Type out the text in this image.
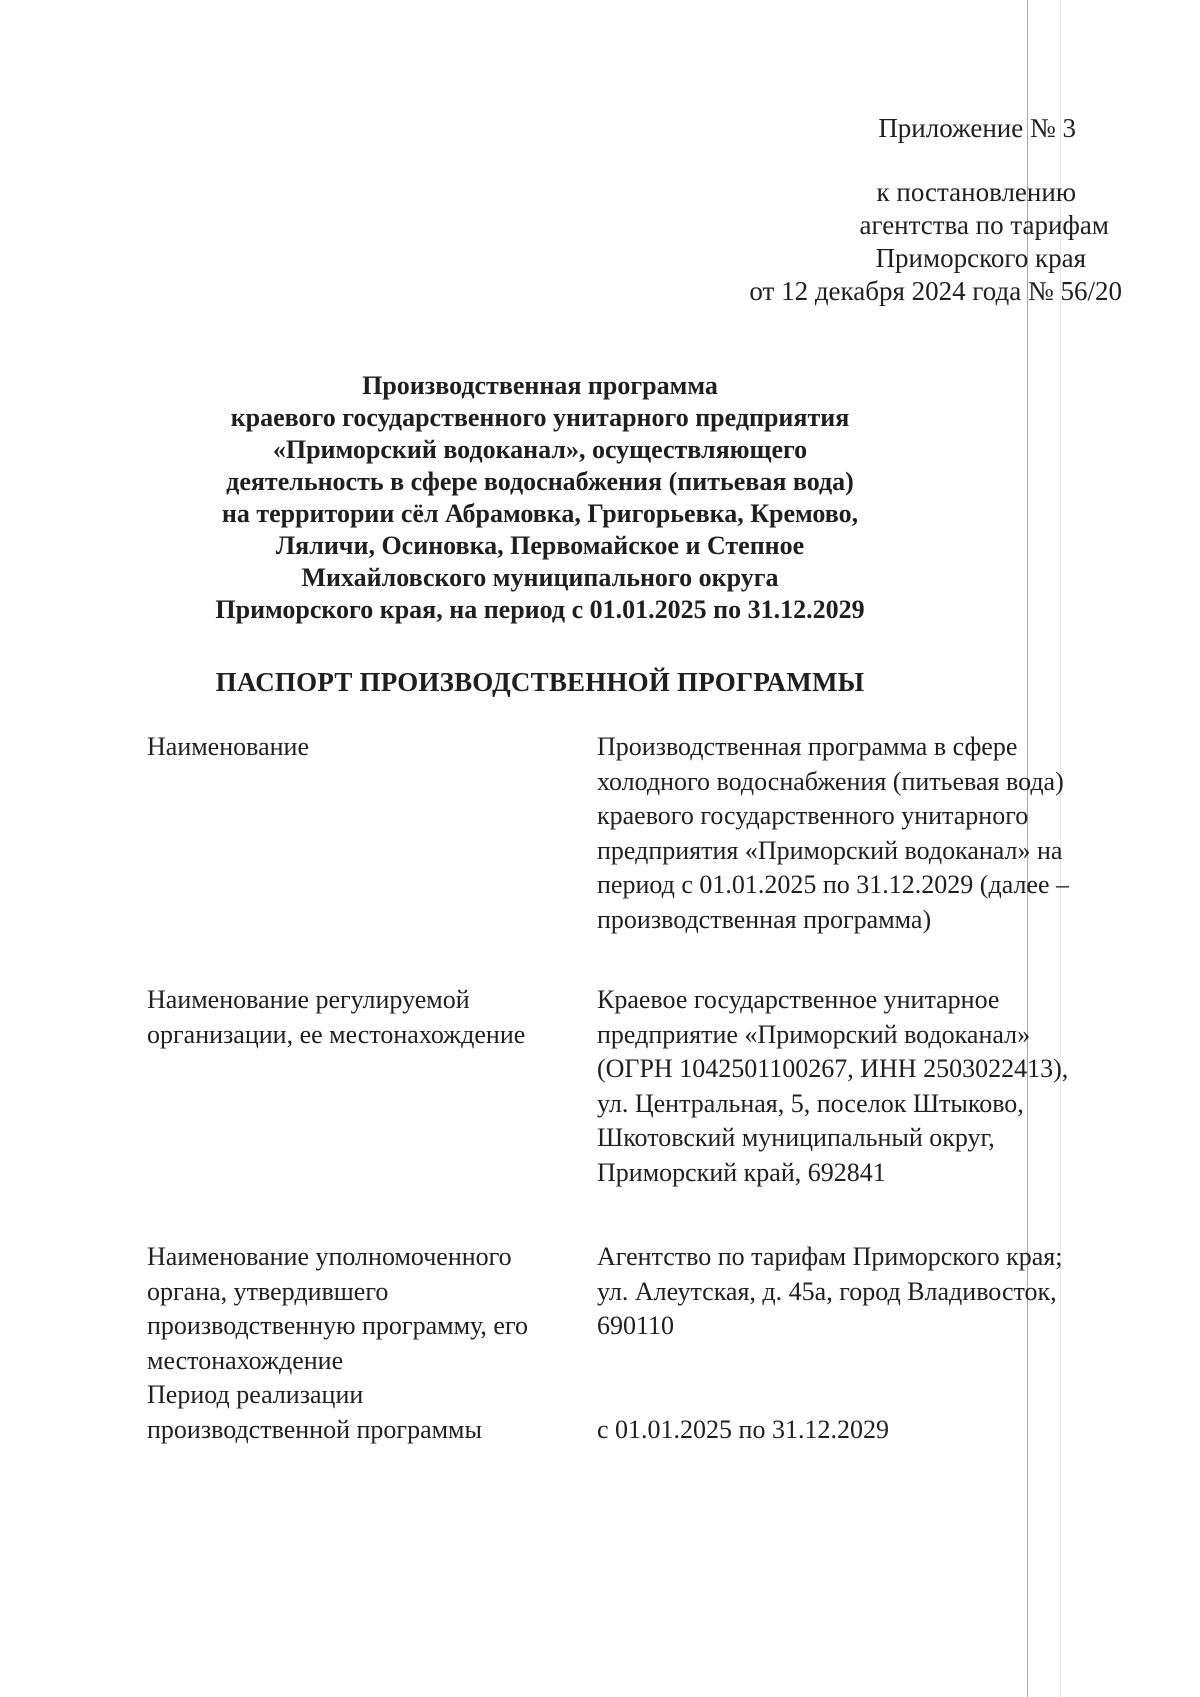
Приложение № 3
к постановлению
агентства по тарифам
Приморского края
от 12 декабря 2024 года № 56/20
Производственная программа
краевого государственного унитарного предприятия
«Приморский водоканал», осуществляющего
деятельность в сфере водоснабжения (питьевая вода)
на территории сёл Абрамовка, Григорьевка, Кремово,
Ляличи, Осиновка, Первомайское и Степное
Михайловского муниципального округа
Приморского края, на период с 01.01.2025 по 31.12.2029
ПАСПОРТ ПРОИЗВОДСТВЕННОЙ ПРОГРАММЫ
Наименование	Производственная программа в сфере
холодного водоснабжения (питьевая вода)
краевого государственного унитарного
предприятия «Приморский водоканал» на
период с 01.01.2025 по 31.12.2029 (далее –
производственная программа)
Наименование регулируемой
организации, ее местонахождение
Краевое государственное унитарное
предприятие «Приморский водоканал»
(ОГРН 1042501100267, ИНН 2503022413),
ул. Центральная, 5, поселок Штыково,
Шкотовский муниципальный округ,
Приморский край, 692841
Наименование уполномоченного
органа, утвердившего
производственную программу, его
местонахождение
Агентство по тарифам Приморского края;
ул. Алеутская, д. 45а, город Владивосток,
690110
Период реализации
производственной программы	с 01.01.2025 по 31.12.2029
